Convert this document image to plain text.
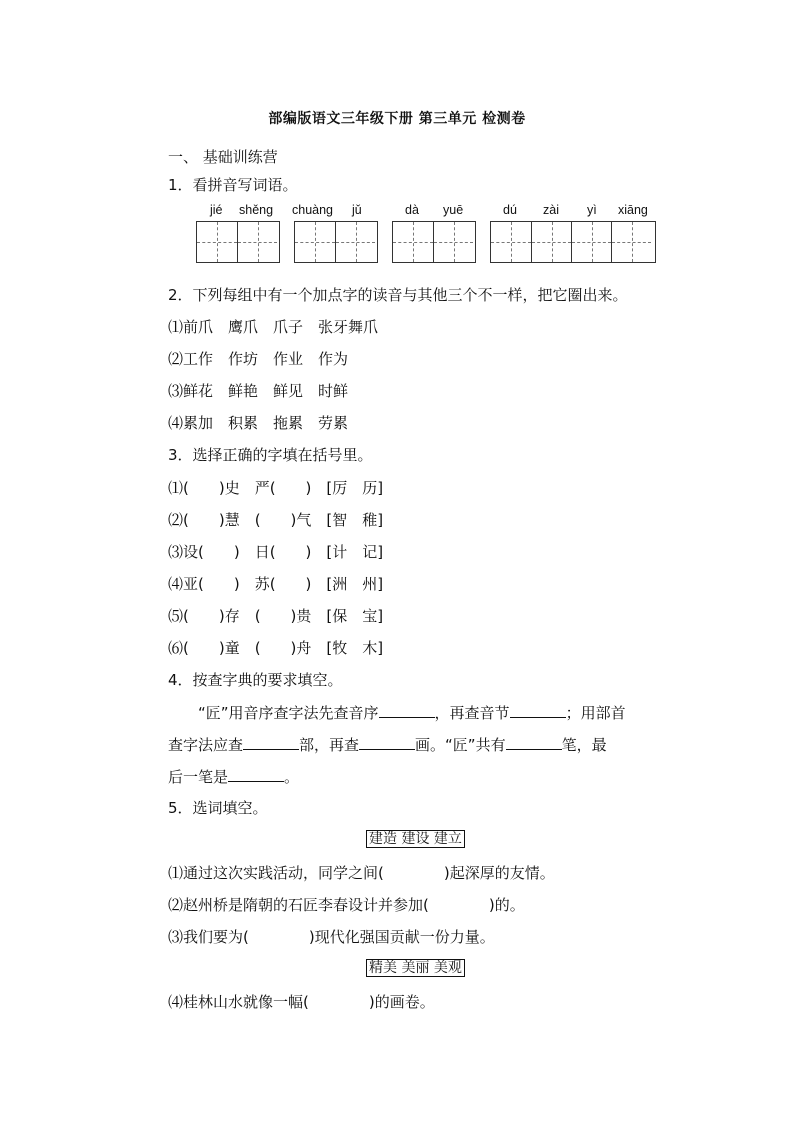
部编版语文三年级下册 第三单元 检测卷
一、 基础训练营
1．看拼音写词语。
jié shěng chuàng jǔ	dà yuē	dú zài yì xiāng
2．下列每组中有一个加点字的读音与其他三个不一样，把它圈出来。
⑴前爪　鹰爪　爪子　张牙舞爪
⑵工作　作坊　作业　作为
⑶鲜花　鲜艳　鲜见　时鲜
⑷累加　积累　拖累　劳累
3．选择正确的字填在括号里。
⑴(　　)史　严(　　)　[厉　历]
⑵(　　)慧　(　　)气　[智　稚]
⑶设(　　)　日(　　)　[计　记]
⑷亚(　　)　苏(　　)　[洲　州]
⑸(　　)存　(　　)贵　[保　宝]
⑹(　　)童　(　　)舟　[牧　木]
4．按查字典的要求填空。
“匠”用音序查字法先查音序	，再查音节	；用部首
查字法应查	部，再查	画。“匠”共有	笔，最
后一笔是	。
5．选词填空。
建造 建设 建立
⑴通过这次实践活动，同学之间(　　　　)起深厚的友情。
⑵赵州桥是隋朝的石匠李春设计并参加(　　　　)的。
⑶我们要为(　　　　)现代化强国贡献一份力量。
精美 美丽 美观
⑷桂林山水就像一幅(　　　　)的画卷。
